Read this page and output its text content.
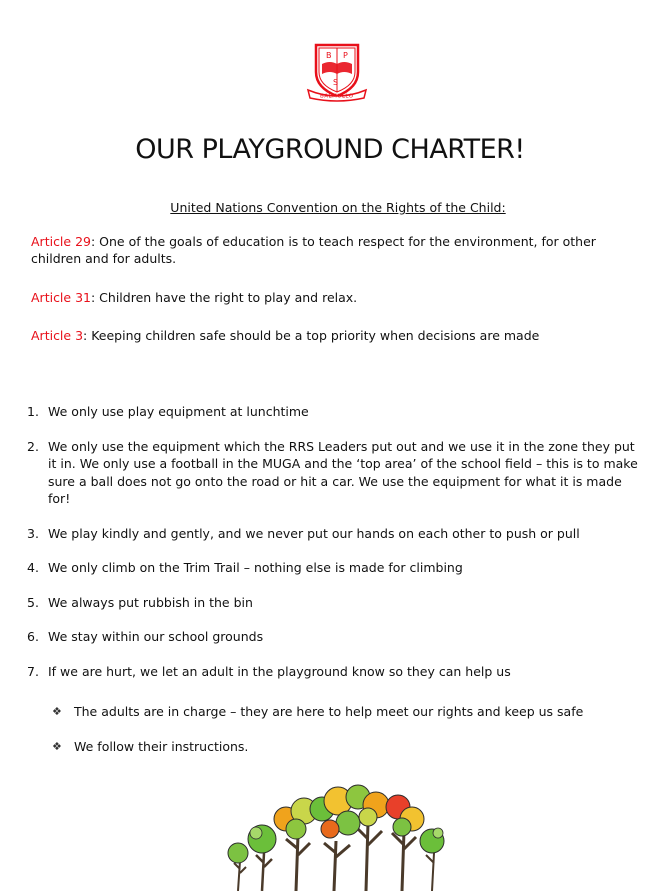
B P
S
BALMULLO
OUR PLAYGROUND CHARTER!
United Nations Convention on the Rights of the Child:
Article 29: One of the goals of education is to teach respect for the environment, for other children and for adults.
Article 31: Children have the right to play and relax.
Article 3: Keeping children safe should be a top priority when decisions are made
1. We only use play equipment at lunchtime
2. We only use the equipment which the RRS Leaders put out and we use it in the zone they put it in. We only use a football in the MUGA and the ‘top area’ of the school field – this is to make sure a ball does not go onto the road or hit a car. We use the equipment for what it is made for!
3. We play kindly and gently, and we never put our hands on each other to push or pull
4. We only climb on the Trim Trail – nothing else is made for climbing
5. We always put rubbish in the bin
6. We stay within our school grounds
7. If we are hurt, we let an adult in the playground know so they can help us
❖ The adults are in charge – they are here to help meet our rights and keep us safe
❖ We follow their instructions.
